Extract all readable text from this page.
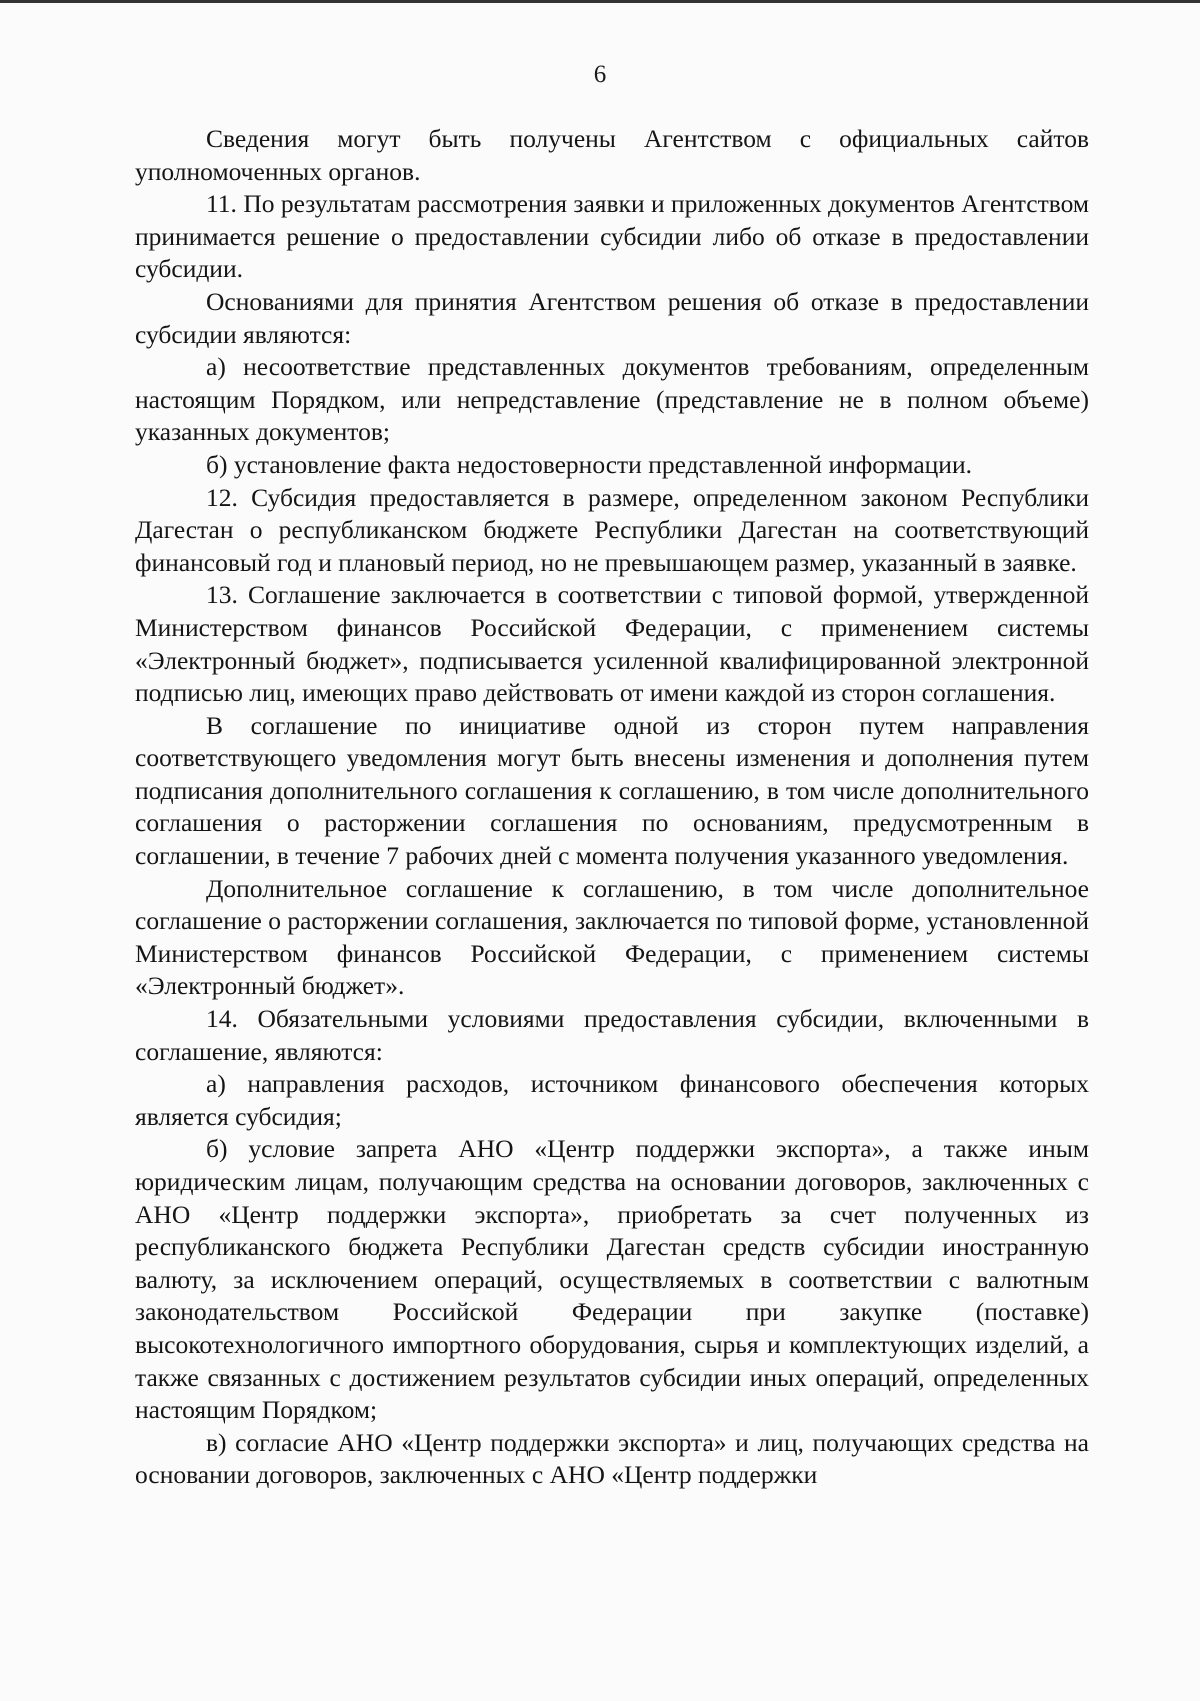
6

Сведения могут быть получены Агентством с официальных сайтов уполномоченных органов.

11. По результатам рассмотрения заявки и приложенных документов Агентством принимается решение о предоставлении субсидии либо об отказе в предоставлении субсидии.

Основаниями для принятия Агентством решения об отказе в предоставлении субсидии являются:

а) несоответствие представленных документов требованиям, определенным настоящим Порядком, или непредставление (представление не в полном объеме) указанных документов;

б) установление факта недостоверности представленной информации.

12. Субсидия предоставляется в размере, определенном законом Республики Дагестан о республиканском бюджете Республики Дагестан на соответствующий финансовый год и плановый период, но не превышающем размер, указанный в заявке.

13. Соглашение заключается в соответствии с типовой формой, утвержденной Министерством финансов Российской Федерации, с применением системы «Электронный бюджет», подписывается усиленной квалифицированной электронной подписью лиц, имеющих право действовать от имени каждой из сторон соглашения.

В соглашение по инициативе одной из сторон путем направления соответствующего уведомления могут быть внесены изменения и дополнения путем подписания дополнительного соглашения к соглашению, в том числе дополнительного соглашения о расторжении соглашения по основаниям, предусмотренным в соглашении, в течение 7 рабочих дней с момента получения указанного уведомления.

Дополнительное соглашение к соглашению, в том числе дополнительное соглашение о расторжении соглашения, заключается по типовой форме, установленной Министерством финансов Российской Федерации, с применением системы «Электронный бюджет».

14. Обязательными условиями предоставления субсидии, включенными в соглашение, являются:

а) направления расходов, источником финансового обеспечения которых является субсидия;

б) условие запрета АНО «Центр поддержки экспорта», а также иным юридическим лицам, получающим средства на основании договоров, заключенных с АНО «Центр поддержки экспорта», приобретать за счет полученных из республиканского бюджета Республики Дагестан средств субсидии иностранную валюту, за исключением операций, осуществляемых в соответствии с валютным законодательством Российской Федерации при закупке (поставке) высокотехнологичного импортного оборудования, сырья и комплектующих изделий, а также связанных с достижением результатов субсидии иных операций, определенных настоящим Порядком;

в) согласие АНО «Центр поддержки экспорта» и лиц, получающих средства на основании договоров, заключенных с АНО «Центр поддержки
